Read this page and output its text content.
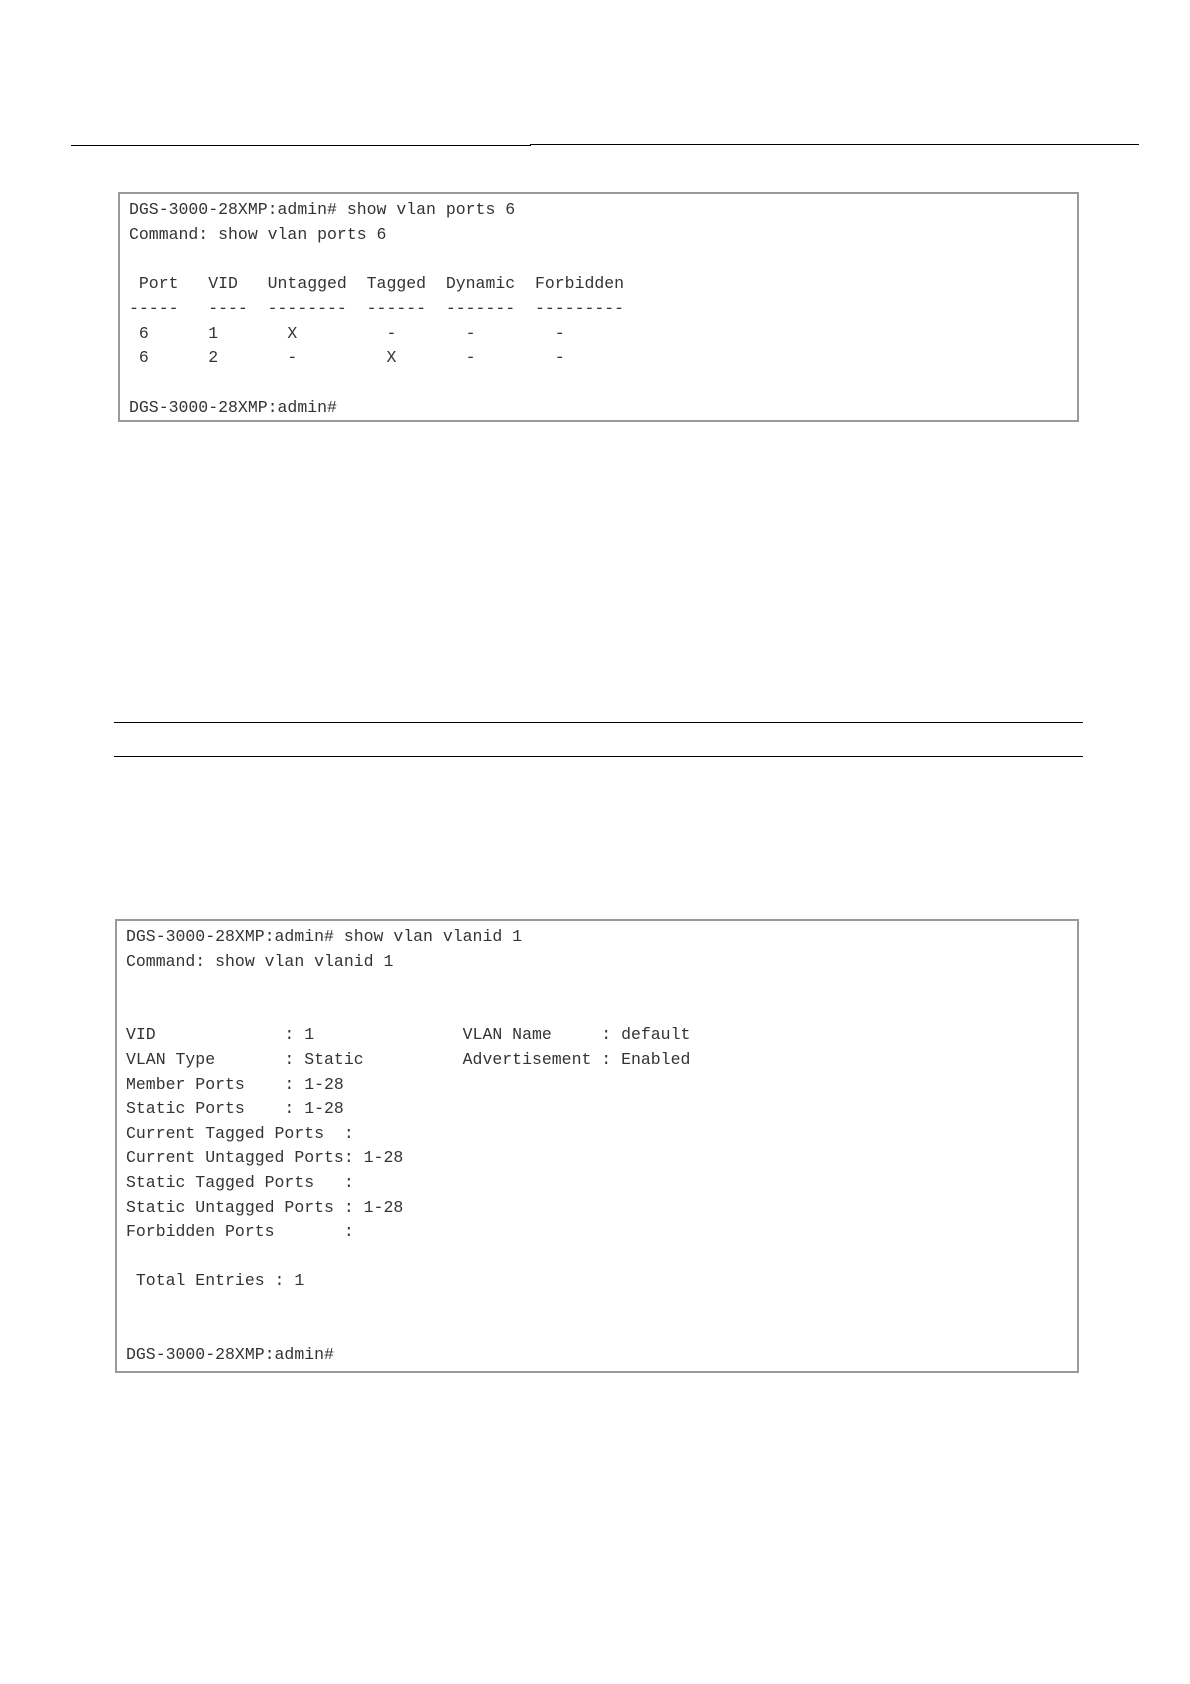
DGS-3000-28XMP:admin# show vlan ports 6
Command: show vlan ports 6

Port   VID   Untagged  Tagged  Dynamic  Forbidden
-----   ----  --------  ------  -------  ---------
6      1       X         -       -        -
6      2       -         X       -        -

DGS-3000-28XMP:admin#
DGS-3000-28XMP:admin# show vlan vlanid 1
Command: show vlan vlanid 1

VID             : 1               VLAN Name     : default
VLAN Type       : Static          Advertisement : Enabled
Member Ports    : 1-28
Static Ports    : 1-28
Current Tagged Ports  :
Current Untagged Ports: 1-28
Static Tagged Ports   :
Static Untagged Ports : 1-28
Forbidden Ports       :

Total Entries : 1

DGS-3000-28XMP:admin#
